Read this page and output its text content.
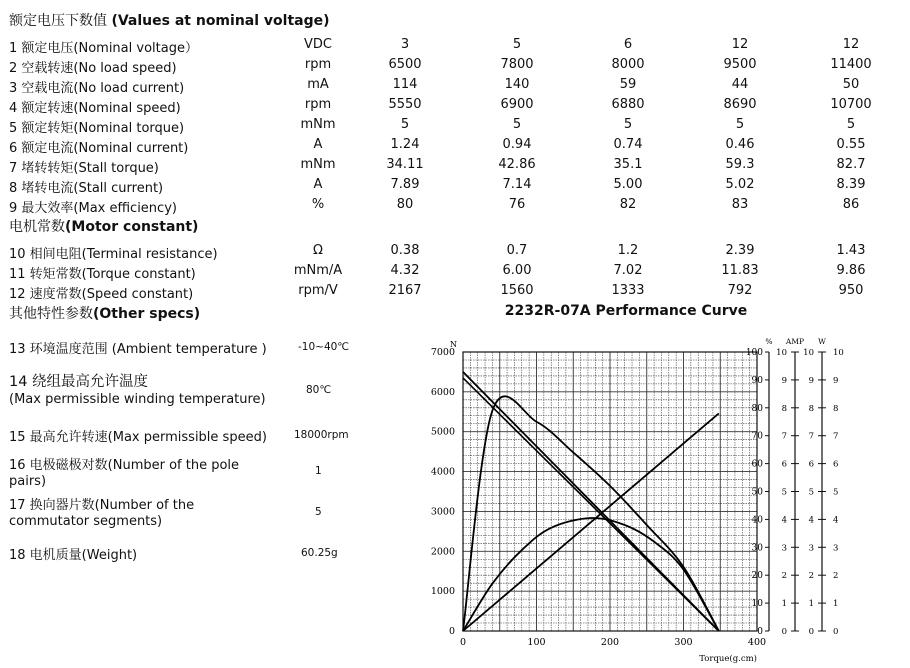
额定电压下数值 (Values at nominal voltage)
1 额定电压(Nominal voltage）	VDC	3	5	6	12	12
2 空载转速(No load speed)	rpm	6500	7800	8000	9500	11400
3 空载电流(No load current)	mA	114	140	59	44	50
4 额定转速(Nominal speed)	rpm	5550	6900	6880	8690	10700
5 额定转矩(Nominal torque)	mNm	5	5	5	5	5
6 额定电流(Nominal current)	A	1.24	0.94	0.74	0.46	0.55
7 堵转转矩(Stall torque)	mNm	34.11	42.86	35.1	59.3	82.7
8 堵转电流(Stall current)	A	7.89	7.14	5.00	5.02	8.39
9 最大效率(Max efficiency)	%	80	76	82	83	86
电机常数(Motor constant)
10 相间电阻(Terminal resistance)	Ω	0.38	0.7	1.2	2.39	1.43
11 转矩常数(Torque constant)	mNm/A	4.32	6.00	7.02	11.83	9.86
12 速度常数(Speed constant)	rpm/V	2167	1560	1333	792	950
其他特性参数(Other specs)	2232R-07A Performance Curve
13 环境温度范围 (Ambient temperature )	-10~40℃
14 绕组最高允许温度
(Max permissible winding temperature)
80℃
15 最高允许转速(Max permissible speed)	18000rpm
16 电极磁极对数(Number of the pole
pairs)
1
17 换向器片数(Number of the
commutator segments)
5
18 电机质量(Weight)	60.25g
0
1000
2000
3000
4000
5000
6000
7000
N
0	100	200	300	400
Torque(g.cm)
%
0
10
20
30
40
50
60
70
80
90
100
AMP
0
1
2
3
4
5
6
7
8
9
10
W
0
1
2
3
4
5
6
7
8
9
10
0
1
2
3
4
5
6
7
8
9
10
